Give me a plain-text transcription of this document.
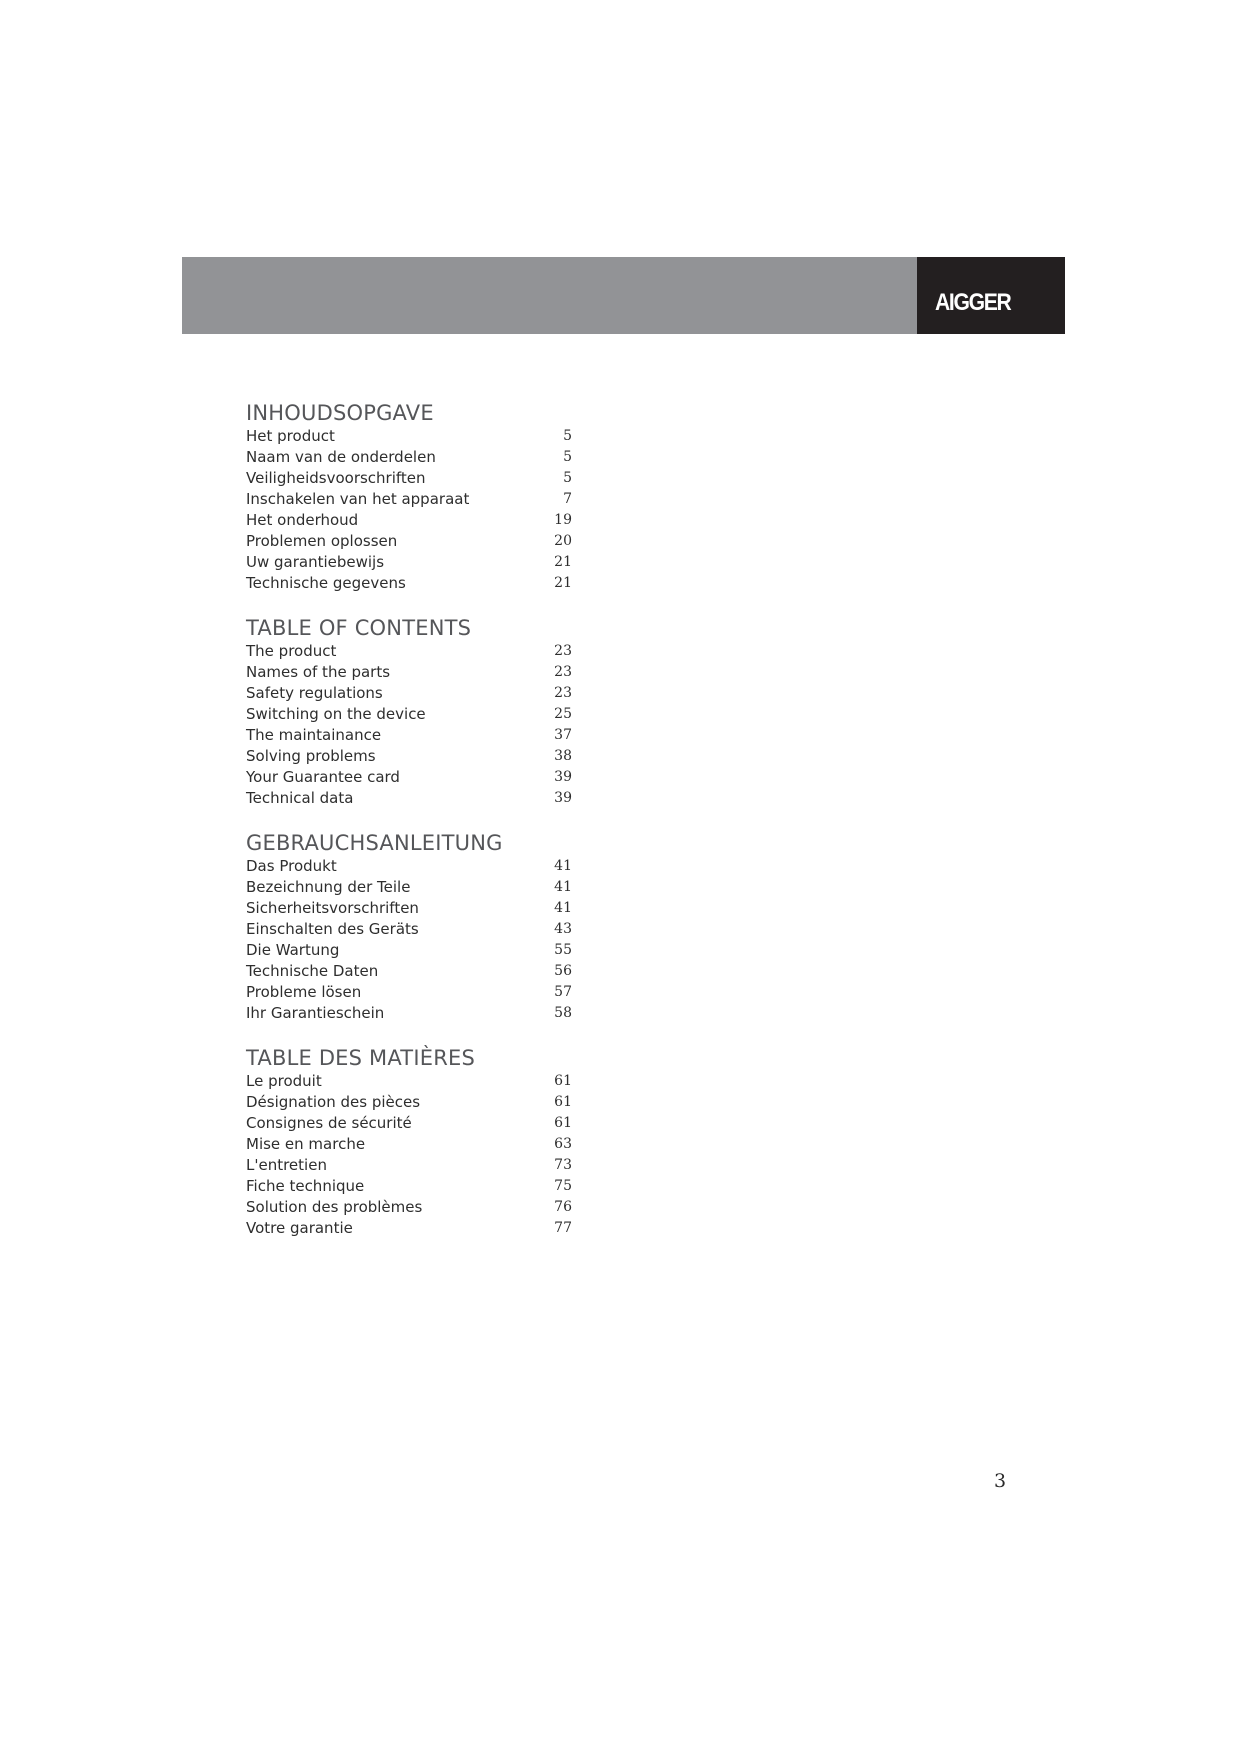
AIGGER
INHOUDSOPGAVE
Het product	5
Naam van de onderdelen	5
Veiligheidsvoorschriften	5
Inschakelen van het apparaat	7
Het onderhoud	19
Problemen oplossen	20
Uw garantiebewijs	21
Technische gegevens	21
TABLE OF CONTENTS
The product	23
Names of the parts	23
Safety regulations	23
Switching on the device	25
The maintainance	37
Solving problems	38
Your Guarantee card	39
Technical data	39
GEBRAUCHSANLEITUNG
Das Produkt	41
Bezeichnung der Teile	41
Sicherheitsvorschriften	41
Einschalten des Geräts	43
Die Wartung	55
Technische Daten	56
Probleme lösen	57
Ihr Garantieschein	58
TABLE DES MATIÈRES
Le produit	61
Désignation des pièces	61
Consignes de sécurité	61
Mise en marche	63
L'entretien	73
Fiche technique	75
Solution des problèmes	76
Votre garantie	77
3
